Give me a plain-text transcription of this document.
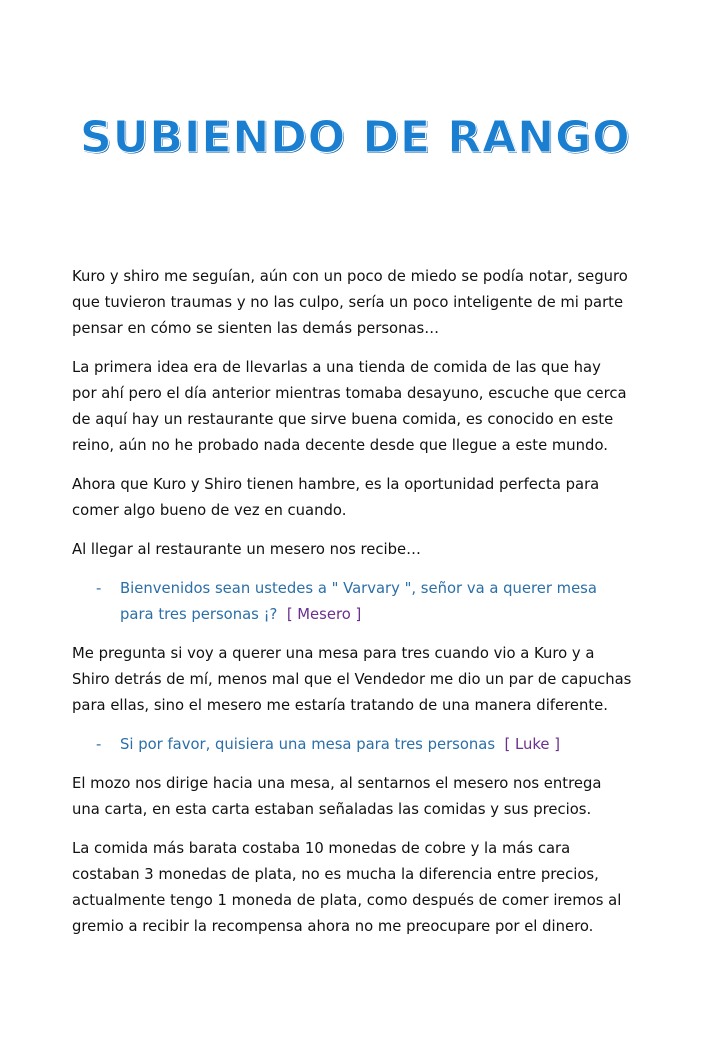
SUBIENDO DE RANGO

Kuro y shiro me seguían, aún con un poco de miedo se podía notar, seguro
que tuvieron traumas y no las culpo, sería un poco inteligente de mi parte
pensar en cómo se sienten las demás personas…

La primera idea era de llevarlas a una tienda de comida de las que hay
por ahí pero el día anterior mientras tomaba desayuno, escuche que cerca
de aquí hay un restaurante que sirve buena comida, es conocido en este
reino, aún no he probado nada decente desde que llegue a este mundo.

Ahora que Kuro y Shiro tienen hambre, es la oportunidad perfecta para
comer algo bueno de vez en cuando.

Al llegar al restaurante un mesero nos recibe…

- Bienvenidos sean ustedes a " Varvary ", señor va a querer mesa
para tres personas ¡? [ Mesero ]

Me pregunta si voy a querer una mesa para tres cuando vio a Kuro y a
Shiro detrás de mí, menos mal que el Vendedor me dio un par de capuchas
para ellas, sino el mesero me estaría tratando de una manera diferente.

- Si por favor, quisiera una mesa para tres personas [ Luke ]

El mozo nos dirige hacia una mesa, al sentarnos el mesero nos entrega
una carta, en esta carta estaban señaladas las comidas y sus precios.

La comida más barata costaba 10 monedas de cobre y la más cara
costaban 3 monedas de plata, no es mucha la diferencia entre precios,
actualmente tengo 1 moneda de plata, como después de comer iremos al
gremio a recibir la recompensa ahora no me preocupare por el dinero.
